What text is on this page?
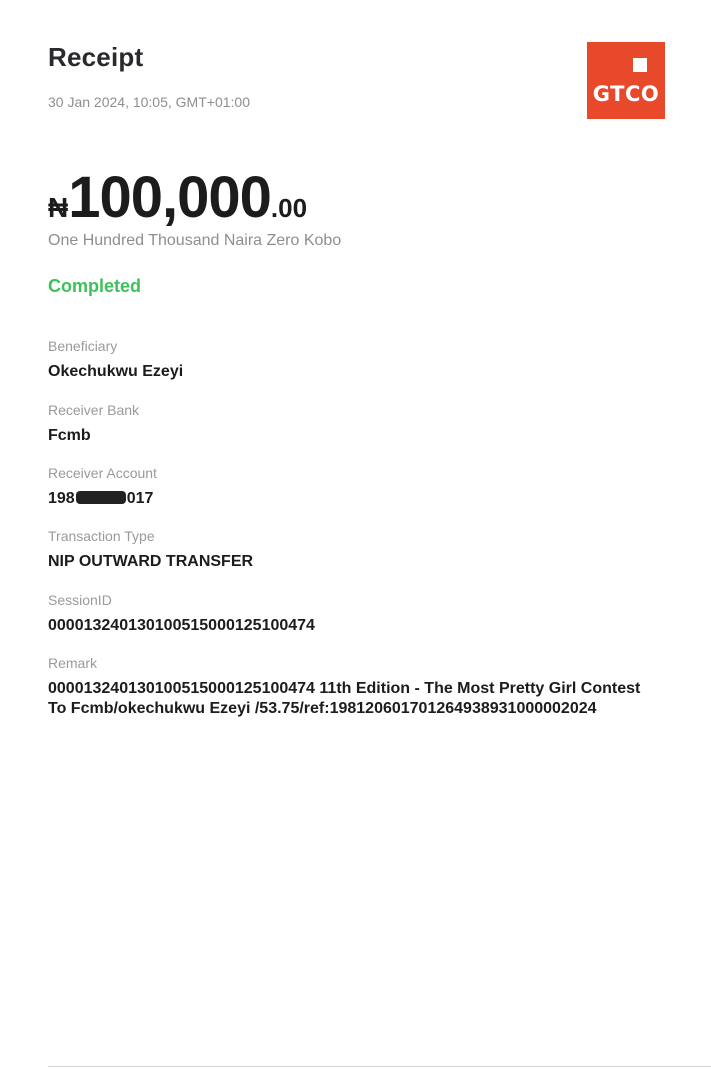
Receipt
30 Jan 2024, 10:05, GMT+01:00	GTCO
₦100,000.00
One Hundred Thousand Naira Zero Kobo
Completed
Beneficiary
Okechukwu Ezeyi
Receiver Bank
Fcmb
Receiver Account
198	017
Transaction Type
NIP OUTWARD TRANSFER
SessionID
000013240130100515000125100474
Remark
000013240130100515000125100474 11th Edition - The Most Pretty Girl Contest
To Fcmb/okechukwu Ezeyi /53.75/ref:198120601701264938931000002024
